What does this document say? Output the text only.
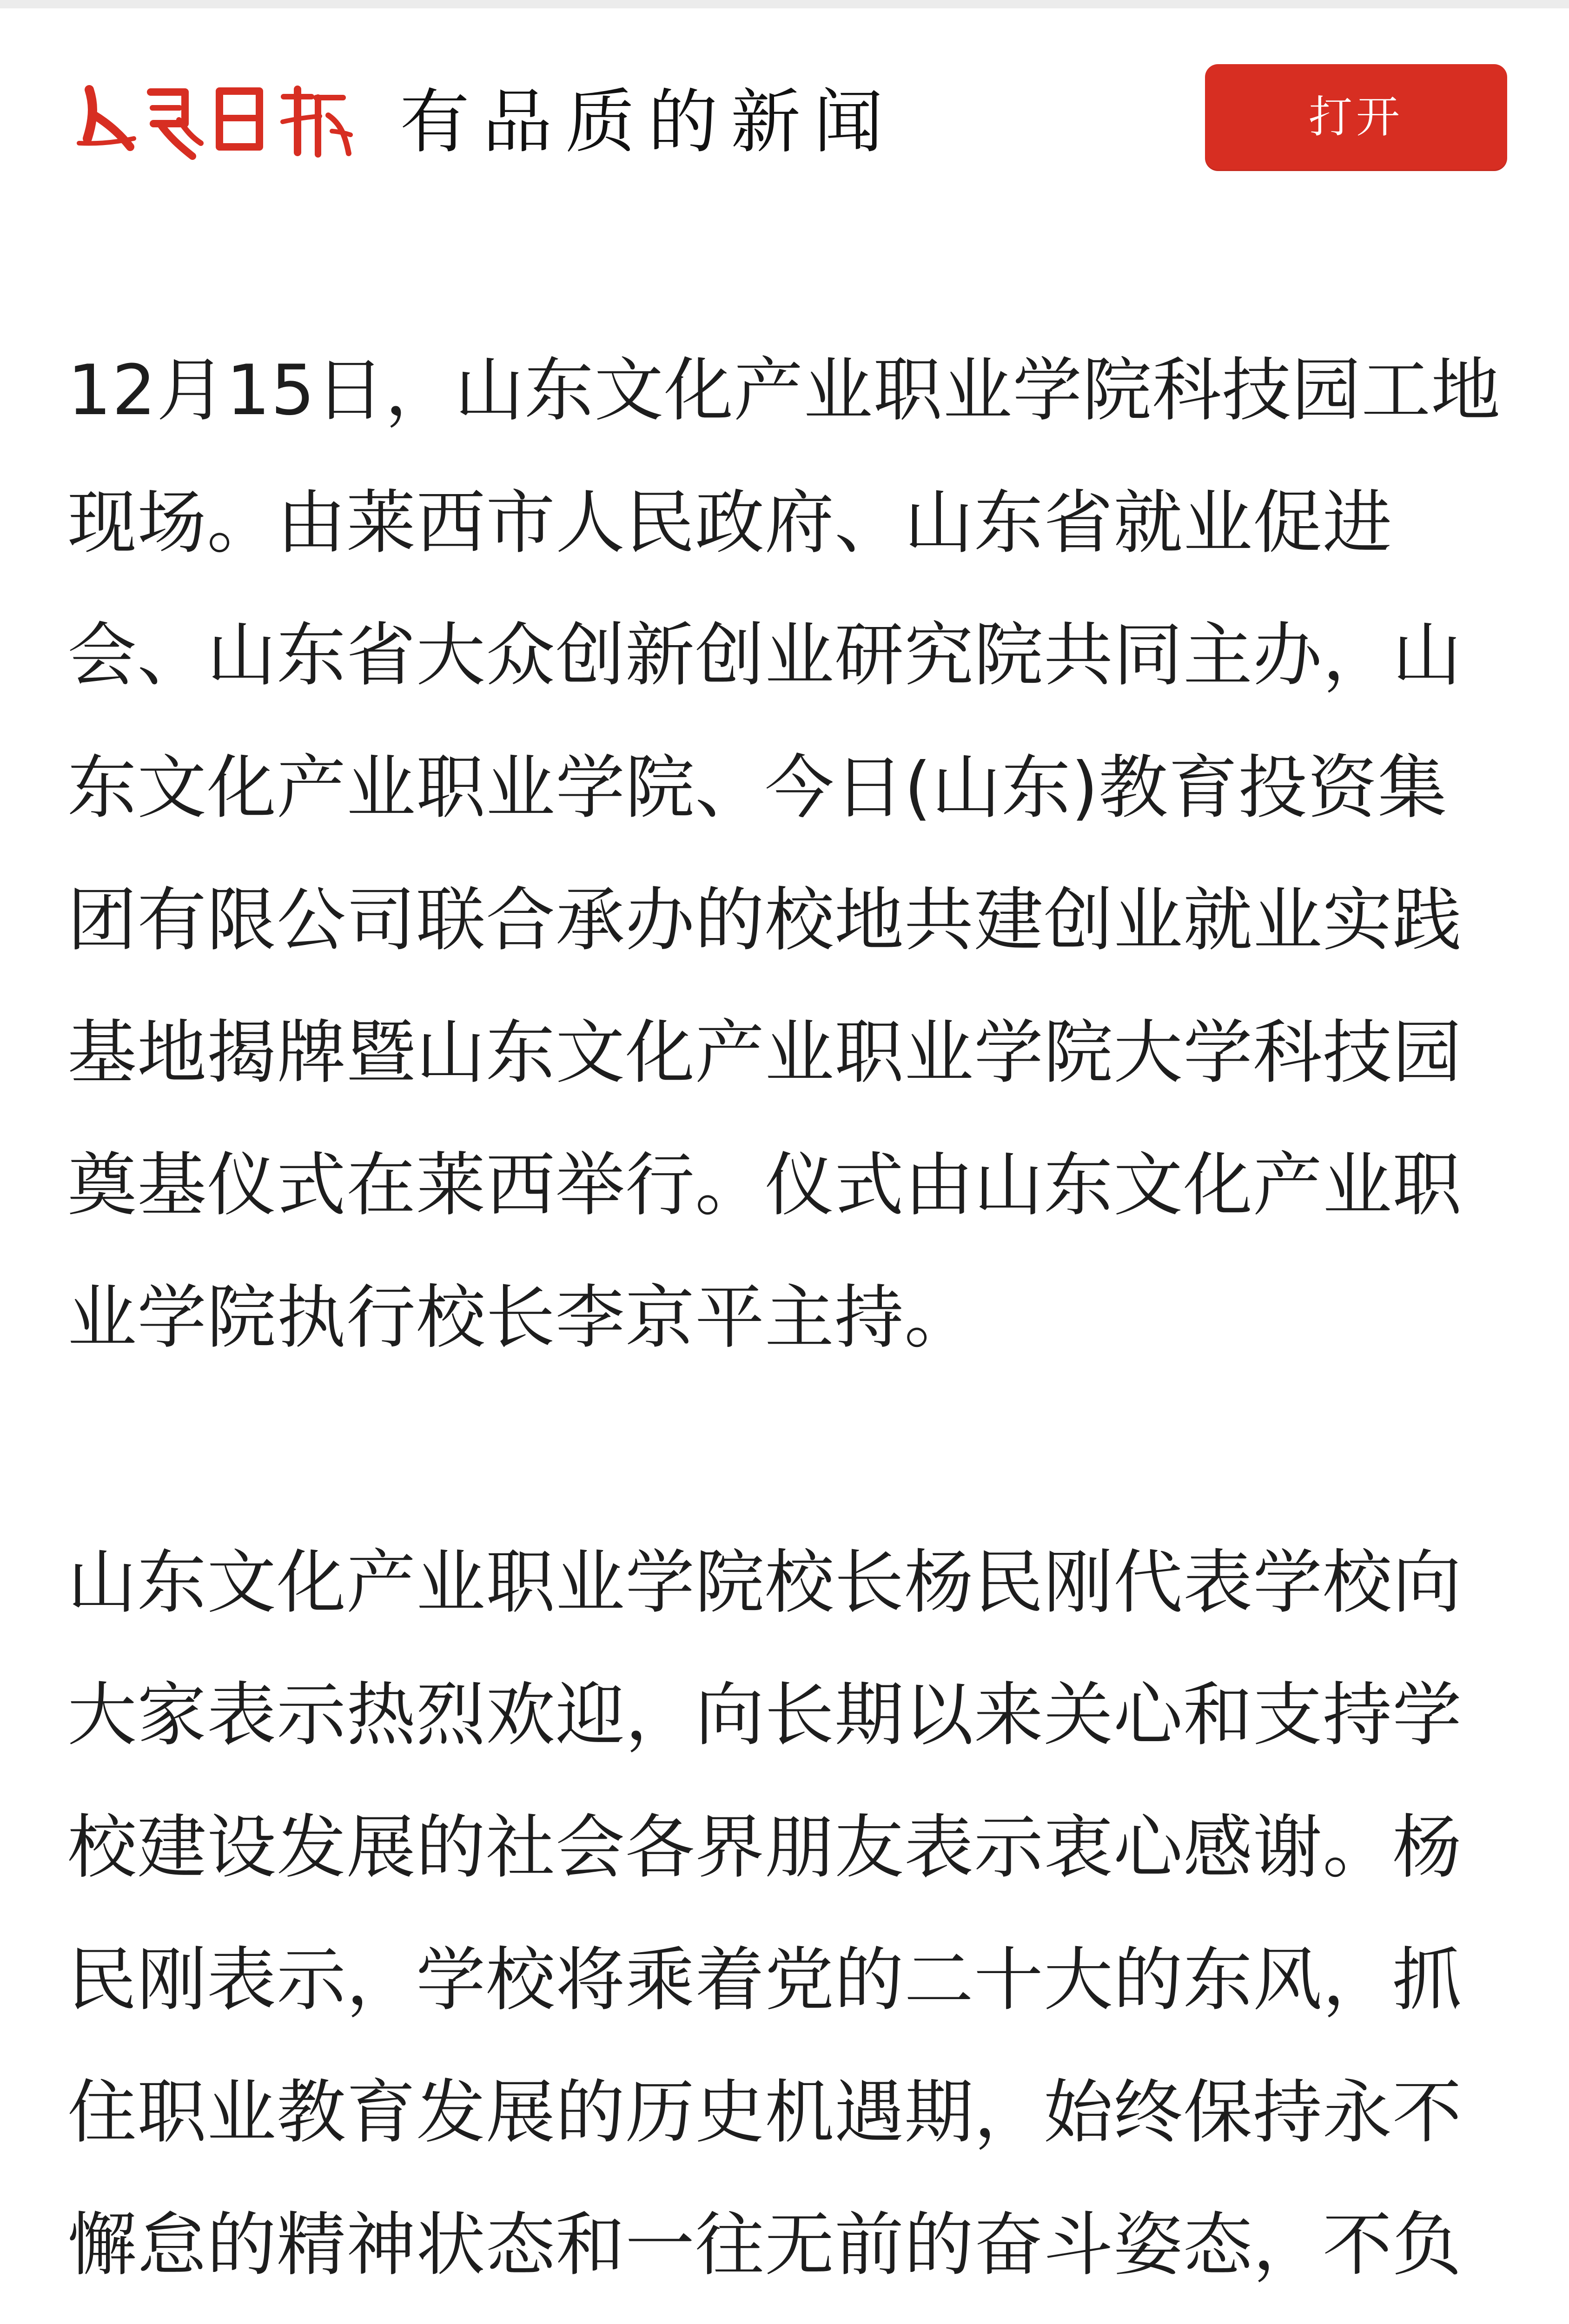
有品质的新闻	打开

12月15日，山东文化产业职业学院科技园工地现场。由莱西市人民政府、山东省就业促进会、山东省大众创新创业研究院共同主办，山东文化产业职业学院、今日(山东)教育投资集团有限公司联合承办的校地共建创业就业实践基地揭牌暨山东文化产业职业学院大学科技园奠基仪式在莱西举行。仪式由山东文化产业职业学院执行校长李京平主持。

山东文化产业职业学院校长杨民刚代表学校向大家表示热烈欢迎，向长期以来关心和支持学校建设发展的社会各界朋友表示衷心感谢。杨民刚表示，学校将乘着党的二十大的东风，抓住职业教育发展的历史机遇期，始终保持永不懈怠的精神状态和一往无前的奋斗姿态，不负
